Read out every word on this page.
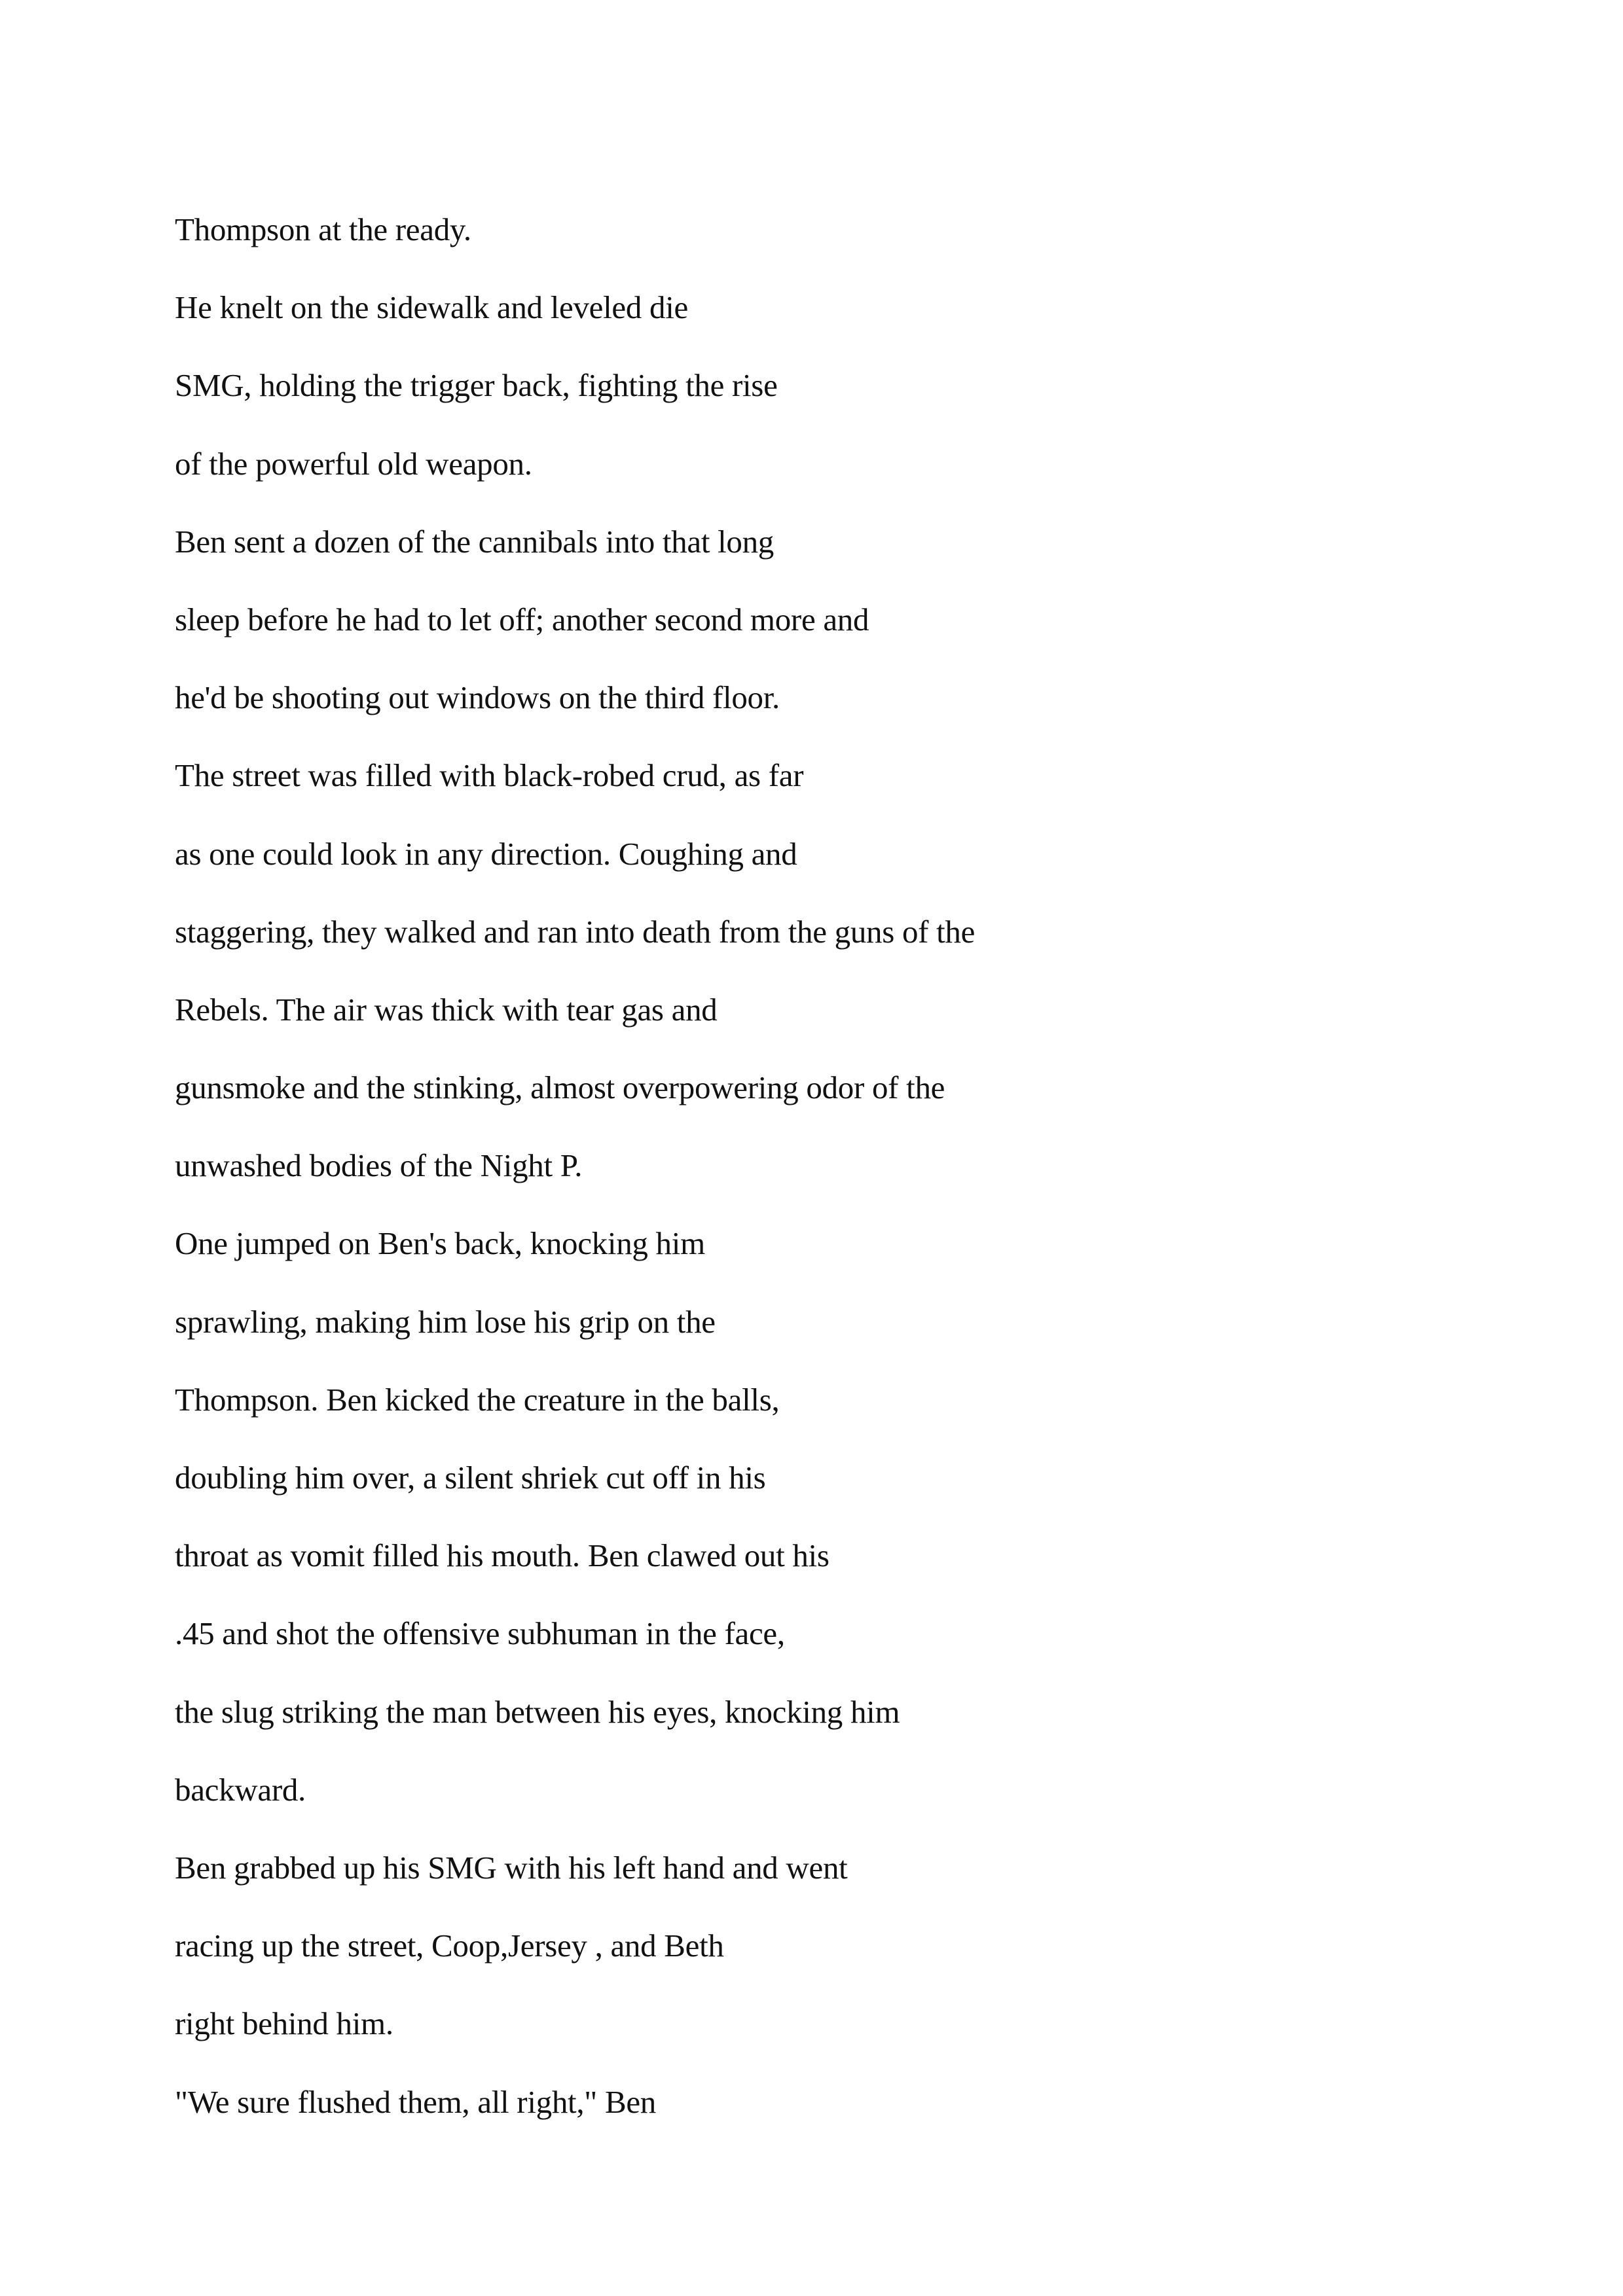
Thompson at the ready.
He knelt on the sidewalk and leveled die
SMG, holding the trigger back, fighting the rise
of the powerful old weapon.
Ben sent a dozen of the cannibals into that long
sleep before he had to let off; another second more and
he'd be shooting out windows on the third floor.
The street was filled with black-robed crud, as far
as one could look in any direction. Coughing and
staggering, they walked and ran into death from the guns of the
Rebels. The air was thick with tear gas and
gunsmoke and the stinking, almost overpowering odor of the
unwashed bodies of the Night P.
One jumped on Ben's back, knocking him
sprawling, making him lose his grip on the
Thompson. Ben kicked the creature in the balls,
doubling him over, a silent shriek cut off in his
throat as vomit filled his mouth. Ben clawed out his
.45 and shot the offensive subhuman in the face,
the slug striking the man between his eyes, knocking him
backward.
Ben grabbed up his SMG with his left hand and went
racing up the street, Coop,Jersey , and Beth
right behind him.
"We sure flushed them, all right," Ben
